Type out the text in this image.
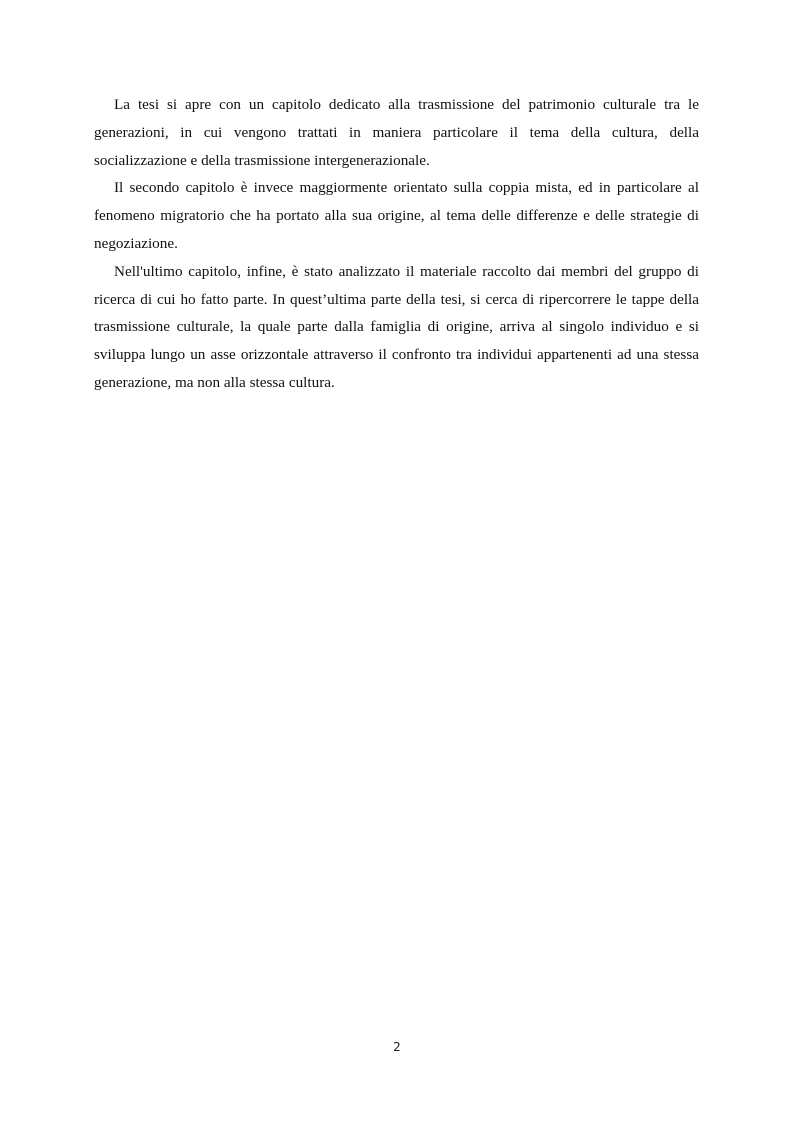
La tesi si apre con un capitolo dedicato alla trasmissione del patrimonio culturale tra le generazioni, in cui vengono trattati in maniera particolare il tema della cultura, della socializzazione e della trasmissione intergenerazionale.

Il secondo capitolo è invece maggiormente orientato sulla coppia mista, ed in particolare al fenomeno migratorio che ha portato alla sua origine, al tema delle differenze e delle strategie di negoziazione.

Nell'ultimo capitolo, infine, è stato analizzato il materiale raccolto dai membri del gruppo di ricerca di cui ho fatto parte. In quest’ultima parte della tesi, si cerca di ripercorrere le tappe della trasmissione culturale, la quale parte dalla famiglia di origine, arriva al singolo individuo e si sviluppa lungo un asse orizzontale attraverso il confronto tra individui appartenenti ad una stessa generazione, ma non alla stessa cultura.

2
